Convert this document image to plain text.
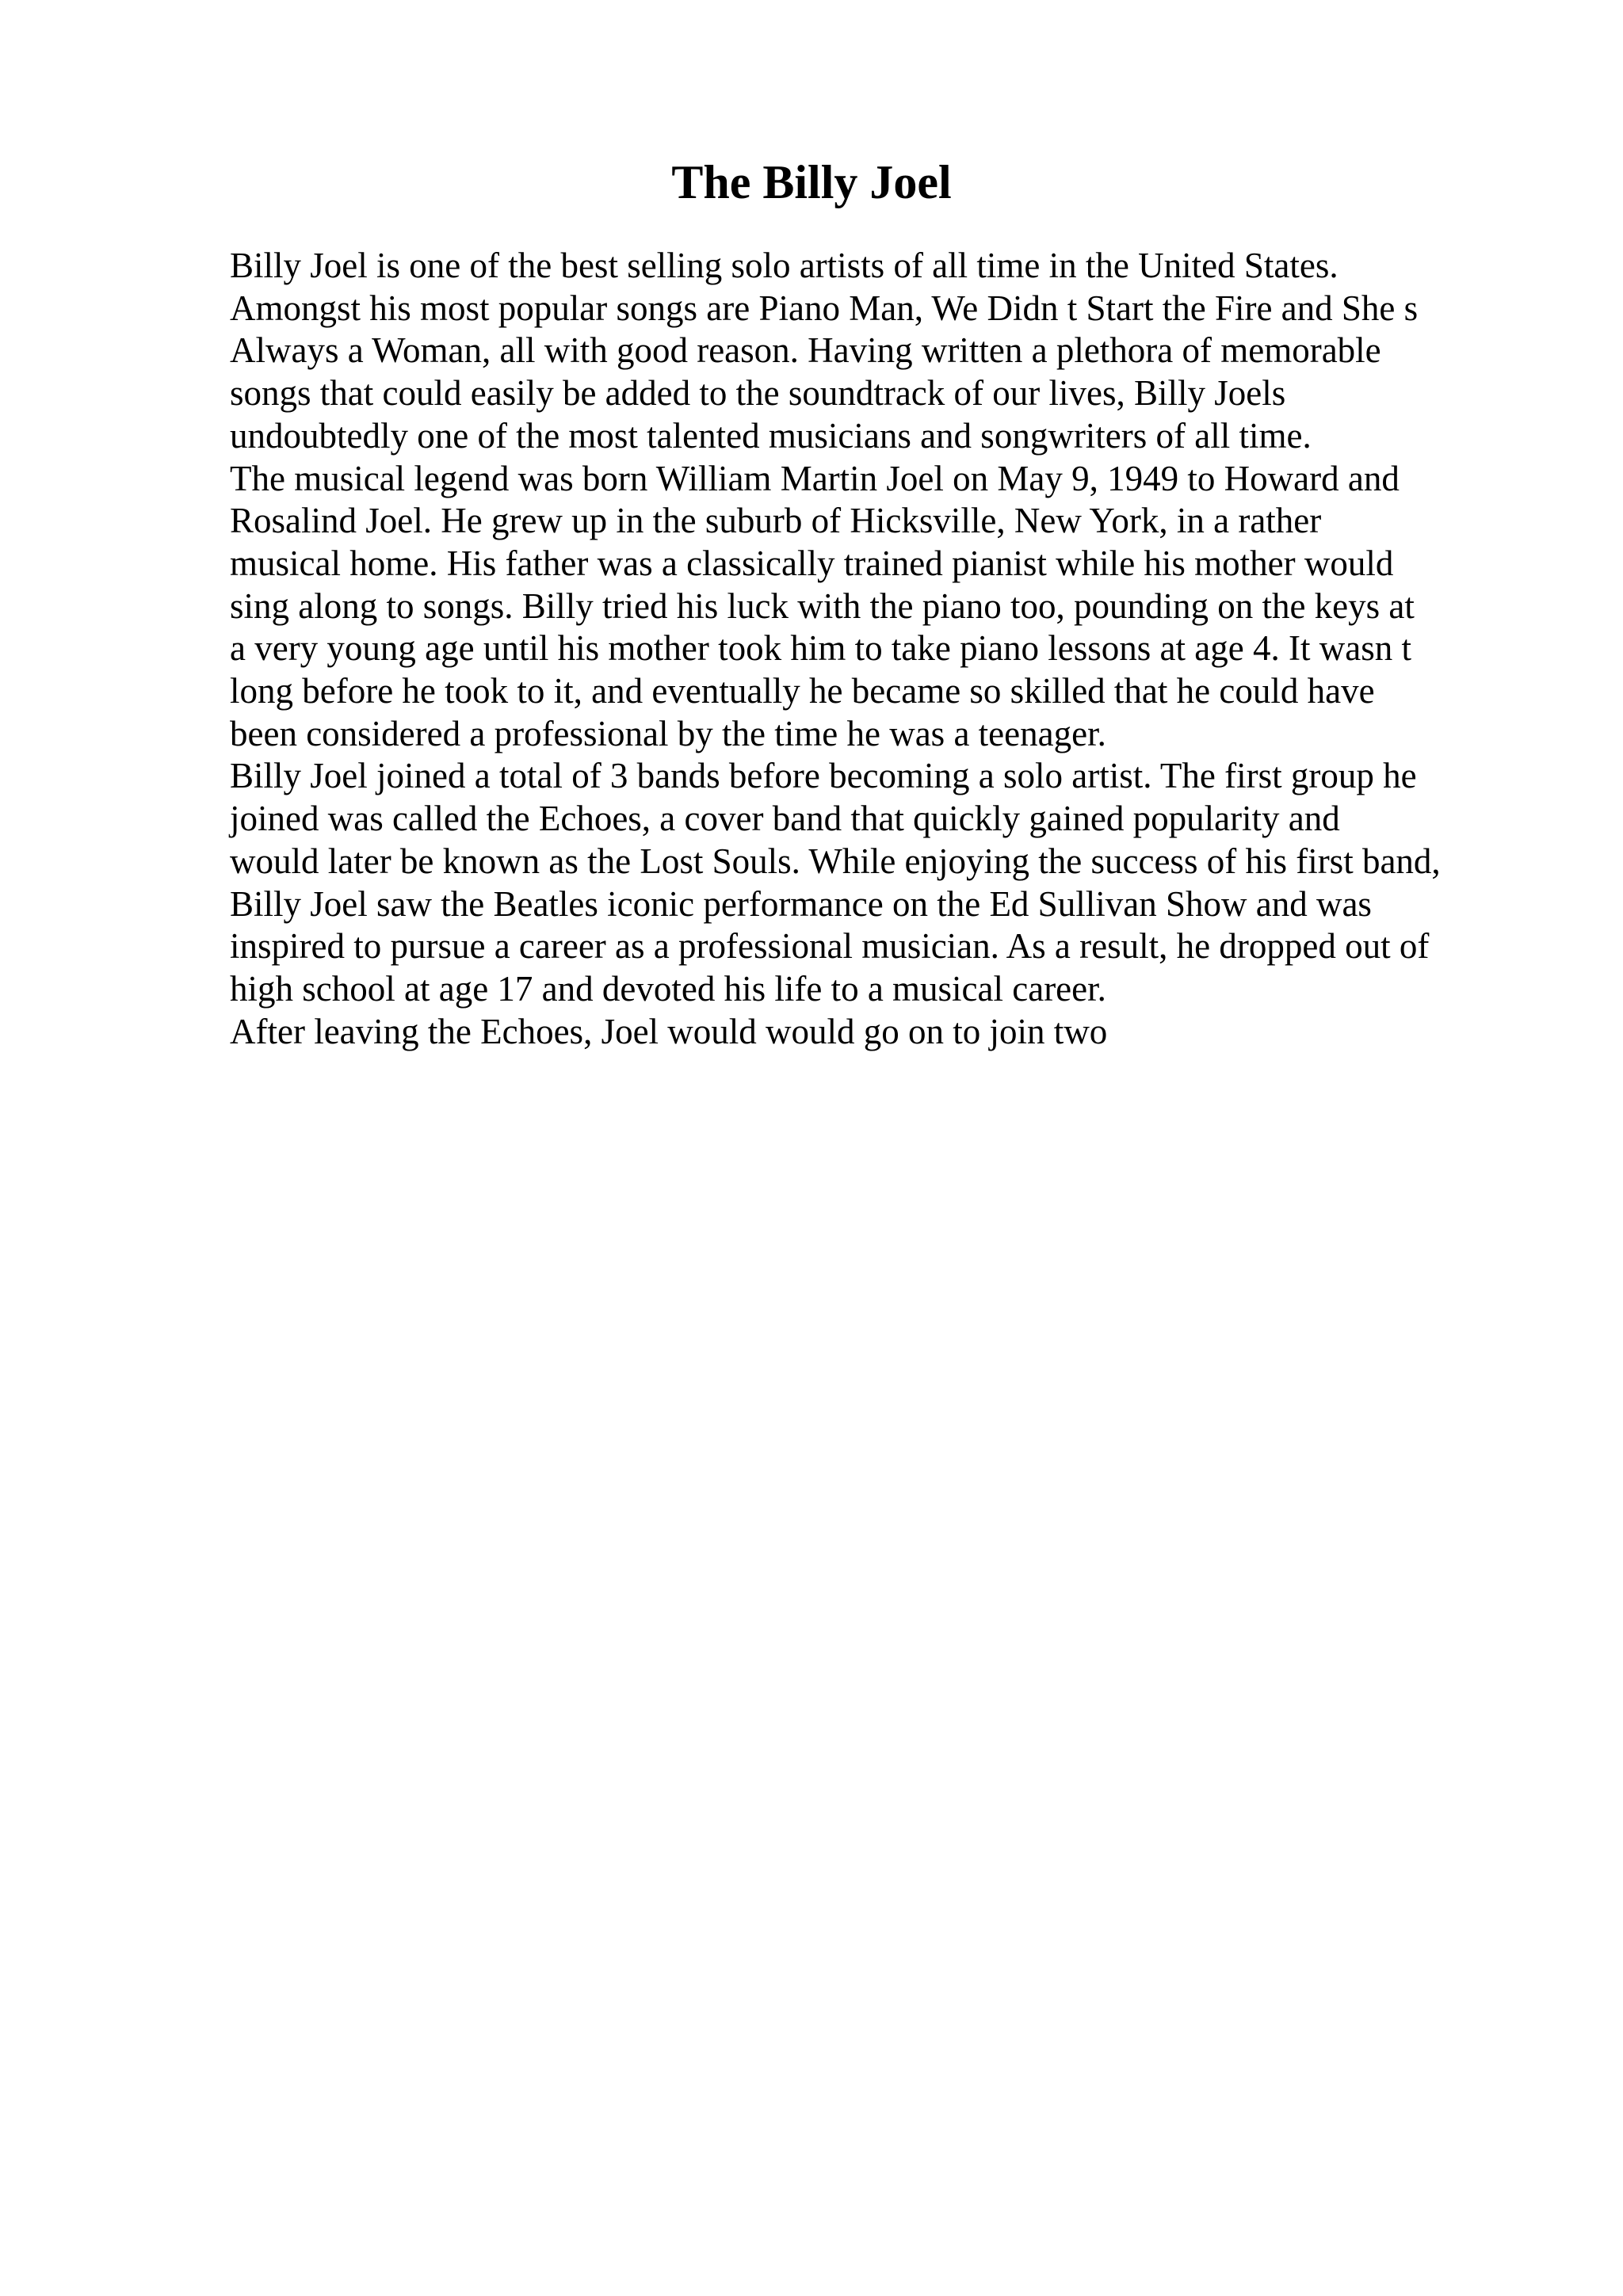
The Billy Joel
Billy Joel is one of the best selling solo artists of all time in the United States.
Amongst his most popular songs are Piano Man, We Didn t Start the Fire and She s
Always a Woman, all with good reason. Having written a plethora of memorable
songs that could easily be added to the soundtrack of our lives, Billy Joels
undoubtedly one of the most talented musicians and songwriters of all time.
The musical legend was born William Martin Joel on May 9, 1949 to Howard and
Rosalind Joel. He grew up in the suburb of Hicksville, New York, in a rather
musical home. His father was a classically trained pianist while his mother would
sing along to songs. Billy tried his luck with the piano too, pounding on the keys at
a very young age until his mother took him to take piano lessons at age 4. It wasn t
long before he took to it, and eventually he became so skilled that he could have
been considered a professional by the time he was a teenager.
Billy Joel joined a total of 3 bands before becoming a solo artist. The first group he
joined was called the Echoes, a cover band that quickly gained popularity and
would later be known as the Lost Souls. While enjoying the success of his first band,
Billy Joel saw the Beatles iconic performance on the Ed Sullivan Show and was
inspired to pursue a career as a professional musician. As a result, he dropped out of
high school at age 17 and devoted his life to a musical career.
After leaving the Echoes, Joel would would go on to join two
